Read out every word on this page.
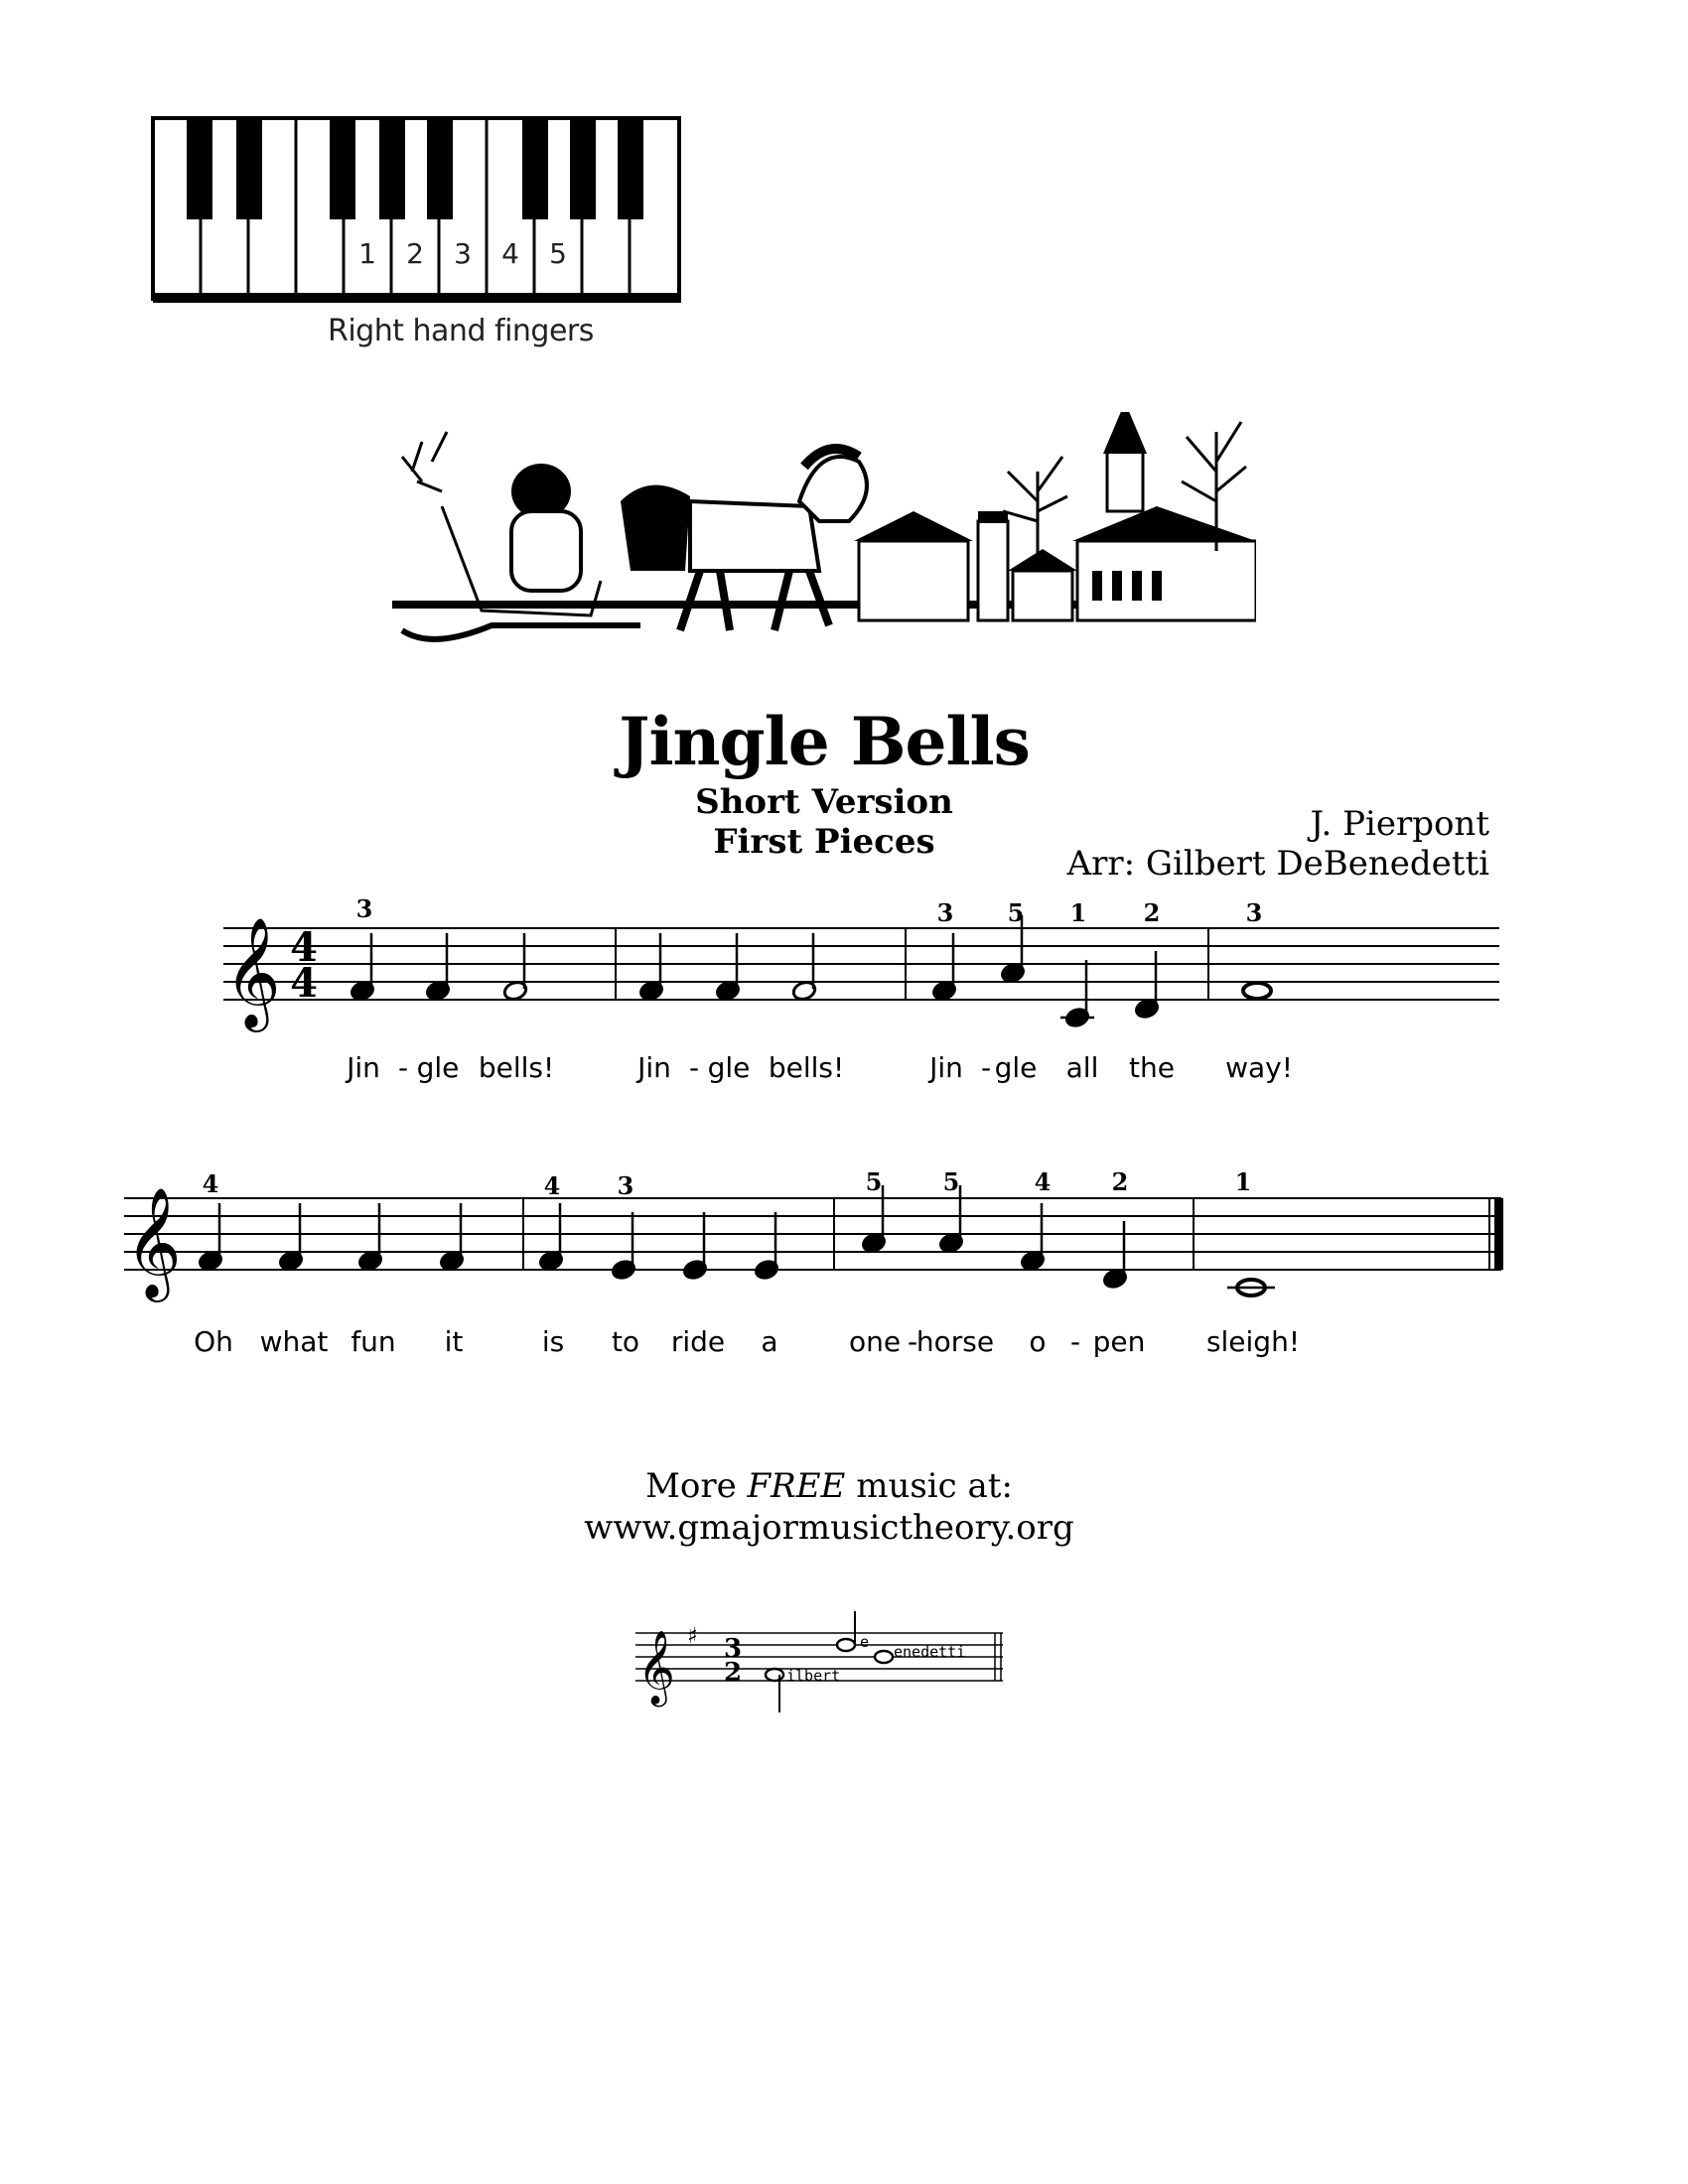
1 2 3 4 5
Right hand fingers
Jingle Bells
Short Version
First Pieces	J. Pierpont
Arr: Gilbert DeBenedetti
𝄞 4
4
3	3 5 1 2	3
Jin - gle bells!	Jin - gle bells!	Jin - gle all the way!
𝄞
4	4 3	5	5	4	2	1
Oh what fun it	is to ride a	one -
horse o - pen sleigh!
More FREE music at:
www.gmajormusictheory.org
𝄞 ♯ 3
2	ilbert
e
enedetti
